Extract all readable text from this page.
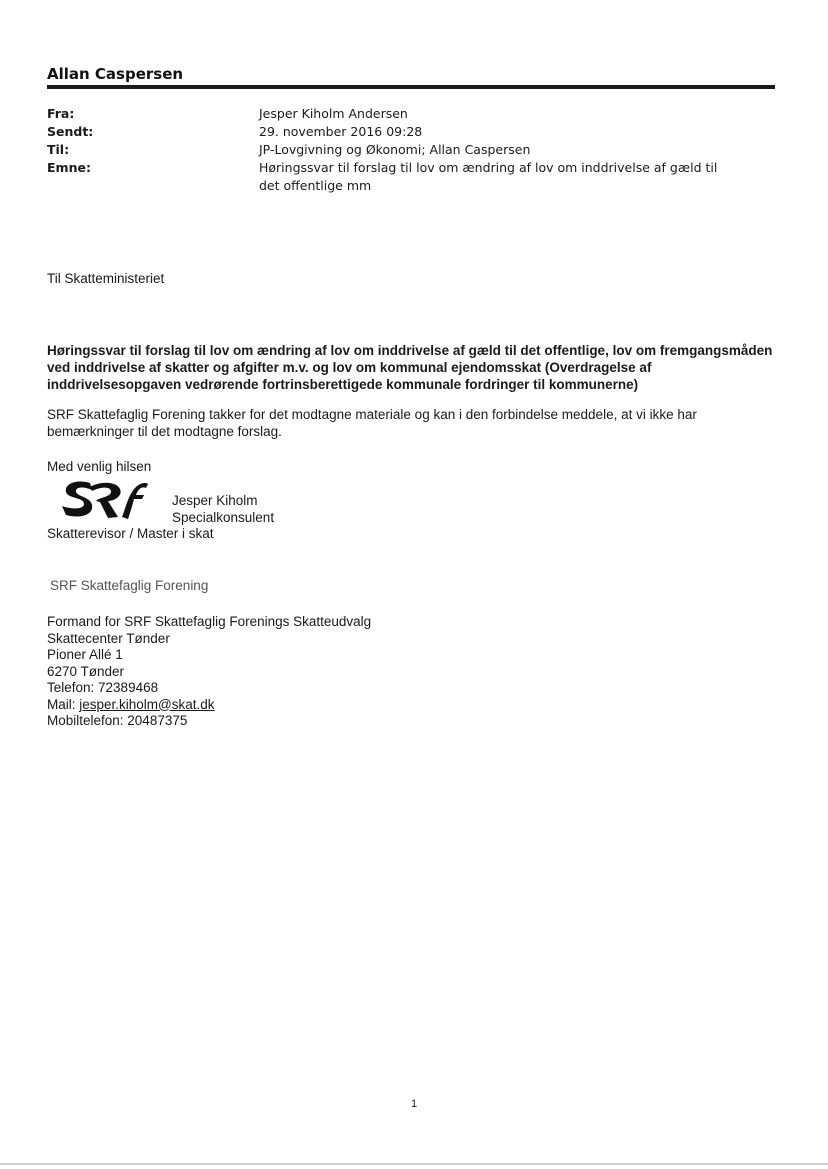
Allan Caspersen
Fra:	Jesper Kiholm Andersen
Sendt:	29. november 2016 09:28
Til:	JP-Lovgivning og Økonomi; Allan Caspersen
Emne:	Høringssvar til forslag til lov om ændring af lov om inddrivelse af gæld til det offentlige mm
Til Skatteministeriet
Høringssvar til forslag til lov om ændring af lov om inddrivelse af gæld til det offentlige, lov om fremgangsmåden ved inddrivelse af skatter og afgifter m.v. og lov om kommunal ejendomsskat (Overdragelse af inddrivelsesopgaven vedrørende fortrinsberettigede kommunale fordringer til kommunerne)
SRF Skattefaglig Forening takker for det modtagne materiale og kan i den forbindelse meddele, at vi ikke har bemærkninger til det modtagne forslag.
Med venlig hilsen
Jesper Kiholm
Specialkonsulent
Skatterevisor / Master i skat
SRF Skattefaglig Forening
Formand for SRF Skattefaglig Forenings Skatteudvalg
Skattecenter Tønder
Pioner Allé 1
6270 Tønder
Telefon: 72389468
Mail: jesper.kiholm@skat.dk
Mobiltelefon: 20487375
1
